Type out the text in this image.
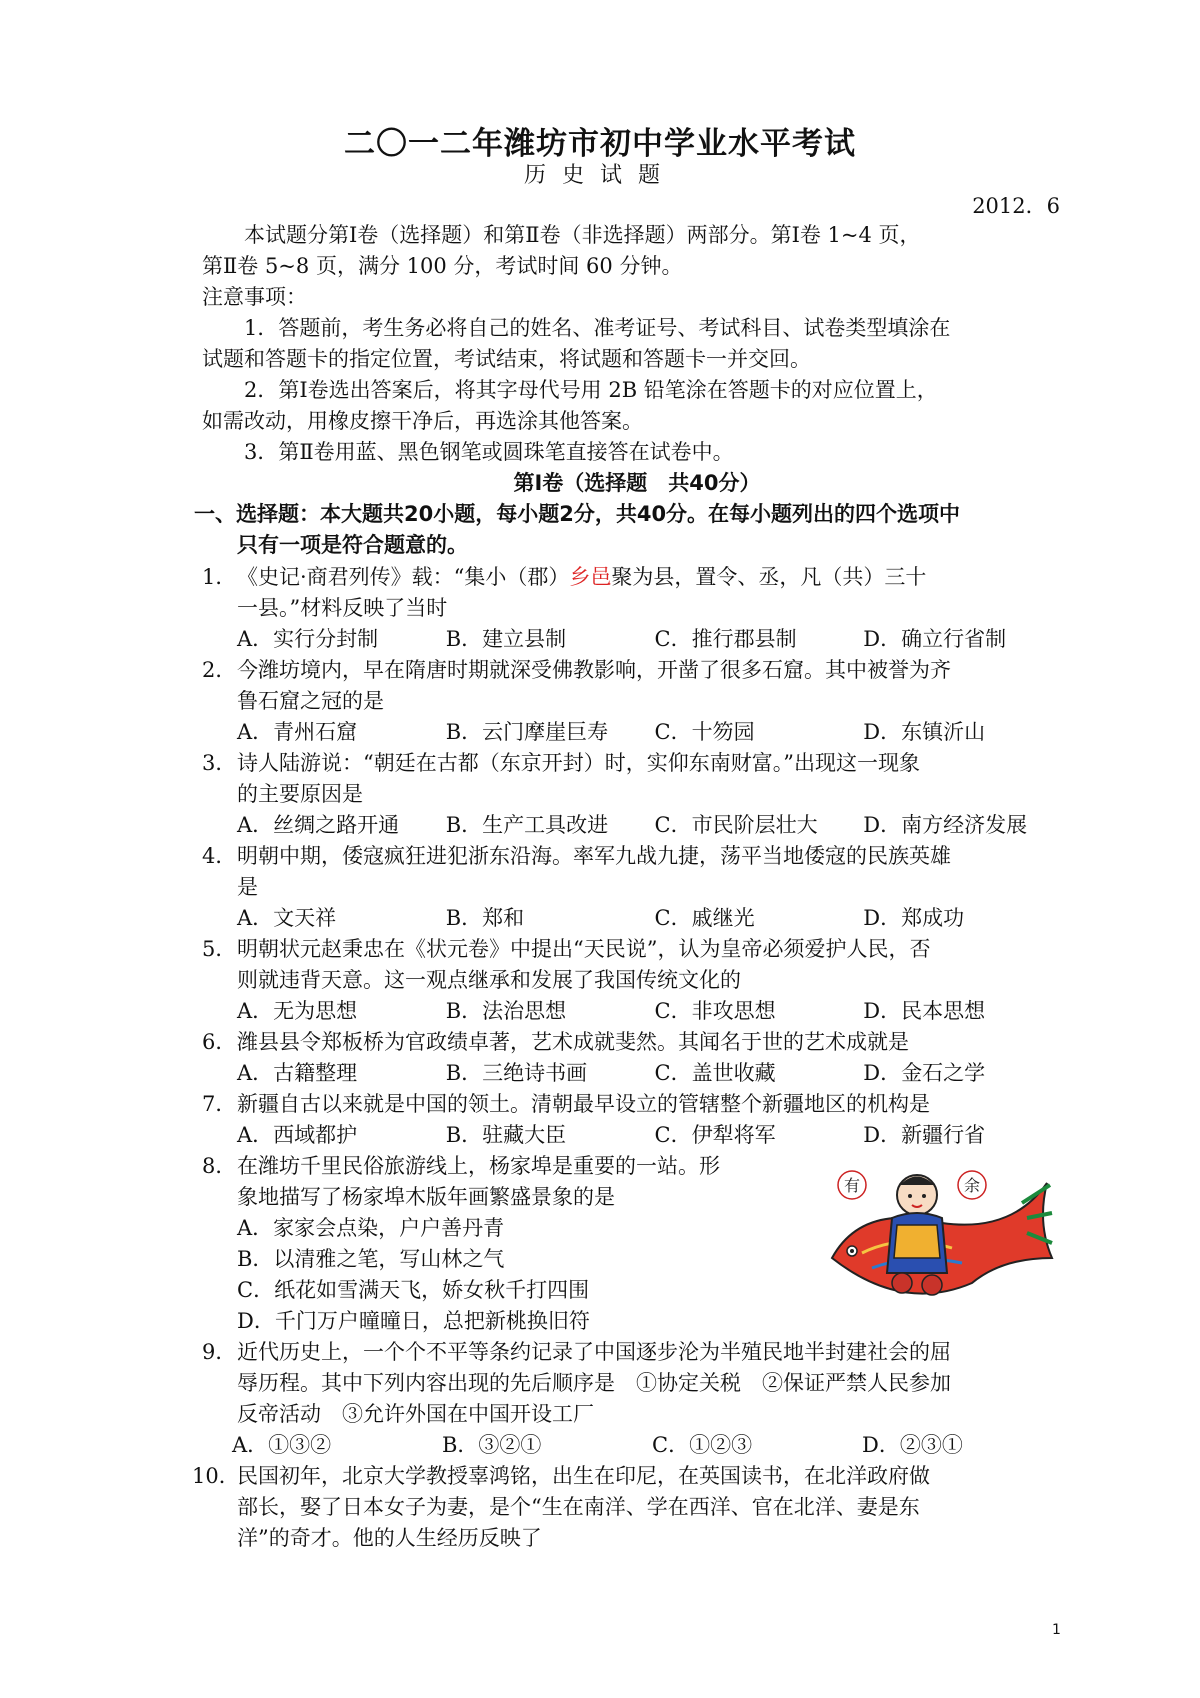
二〇一二年潍坊市初中学业水平考试
历史试题
2012．6
本试题分第Ⅰ卷（选择题）和第Ⅱ卷（非选择题）两部分。第Ⅰ卷 1~4 页，
第Ⅱ卷 5~8 页，满分 100 分，考试时间 60 分钟。
注意事项：
1．答题前，考生务必将自己的姓名、准考证号、考试科目、试卷类型填涂在
试题和答题卡的指定位置，考试结束，将试题和答题卡一并交回。
2．第Ⅰ卷选出答案后，将其字母代号用 2B 铅笔涂在答题卡的对应位置上，
如需改动，用橡皮擦干净后，再选涂其他答案。
3．第Ⅱ卷用蓝、黑色钢笔或圆珠笔直接答在试卷中。
第Ⅰ卷（选择题　共40分）
一、选择题：本大题共20小题，每小题2分，共40分。在每小题列出的四个选项中
只有一项是符合题意的。
1．《史记·商君列传》载：“集小（郡）乡邑聚为县，置令、丞，凡（共）三十
一县。”材料反映了当时
A．实行分封制	B．建立县制	C．推行郡县制	D．确立行省制
2．今潍坊境内，早在隋唐时期就深受佛教影响，开凿了很多石窟。其中被誉为齐
鲁石窟之冠的是
A．青州石窟	B．云门摩崖巨寿	C．十笏园	D．东镇沂山
3．诗人陆游说：“朝廷在古都（东京开封）时，实仰东南财富。”出现这一现象
的主要原因是
A．丝绸之路开通	B．生产工具改进	C．市民阶层壮大	D．南方经济发展
4．明朝中期，倭寇疯狂进犯浙东沿海。率军九战九捷，荡平当地倭寇的民族英雄
是
A．文天祥	B．郑和	C．戚继光	D．郑成功
5．明朝状元赵秉忠在《状元卷》中提出“天民说”，认为皇帝必须爱护人民，否
则就违背天意。这一观点继承和发展了我国传统文化的
A．无为思想	B．法治思想	C．非攻思想	D．民本思想
6．潍县县令郑板桥为官政绩卓著，艺术成就斐然。其闻名于世的艺术成就是
A．古籍整理	B．三绝诗书画	C．盖世收藏	D．金石之学
7．新疆自古以来就是中国的领土。清朝最早设立的管辖整个新疆地区的机构是
A．西域都护	B．驻藏大臣	C．伊犁将军	D．新疆行省
8．在潍坊千里民俗旅游线上，杨家埠是重要的一站。形
象地描写了杨家埠木版年画繁盛景象的是
A．家家会点染，户户善丹青
B．以清雅之笔，写山林之气
C．纸花如雪满天飞，娇女秋千打四围
D．千门万户曈曈日，总把新桃换旧符
9．近代历史上，一个个不平等条约记录了中国逐步沦为半殖民地半封建社会的屈
辱历程。其中下列内容出现的先后顺序是　①协定关税　②保证严禁人民参加
反帝活动　③允许外国在中国开设工厂
A．①③②	B．③②①	C．①②③	D．②③①
10．民国初年，北京大学教授辜鸿铭，出生在印尼，在英国读书，在北洋政府做
部长，娶了日本女子为妻，是个“生在南洋、学在西洋、官在北洋、妻是东
洋”的奇才。他的人生经历反映了
有	余
1
